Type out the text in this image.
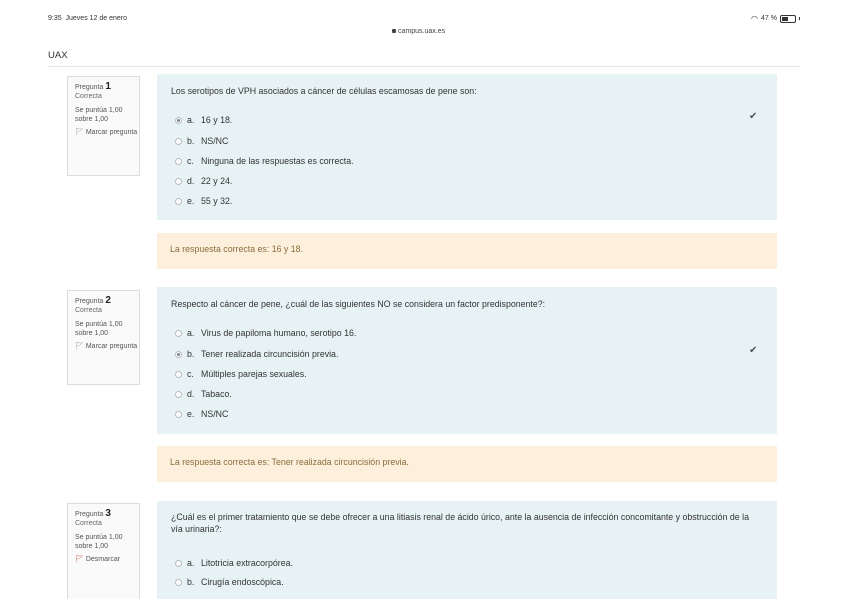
9:35 Jueves 12 de enero
campus.uax.es
◠ 47 %
UAX
Pregunta 1
Correcta
Se puntúa 1,00 sobre 1,00
🚩︎ Marcar pregunta
Los serotipos de VPH asociados a cáncer de células escamosas de pene son:
a. 16 y 18.
b. NS/NC
c. Ninguna de las respuestas es correcta.
d. 22 y 24.
e. 55 y 32.
✔
La respuesta correcta es: 16 y 18.
Pregunta 2
Correcta
Se puntúa 1,00 sobre 1,00
🚩︎ Marcar pregunta
Respecto al cáncer de pene, ¿cuál de las siguientes NO se considera un factor predisponente?:
a. Virus de papiloma humano, serotipo 16.
b. Tener realizada circuncisión previa.
c. Múltiples parejas sexuales.
d. Tabaco.
e. NS/NC
✔
La respuesta correcta es: Tener realizada circuncisión previa.
Pregunta 3
Correcta
Se puntúa 1,00 sobre 1,00
🚩︎ Desmarcar
¿Cuál es el primer tratamiento que se debe ofrecer a una litiasis renal de ácido úrico, ante la ausencia de infección concomitante y obstrucción de la vía urinaria?:
a. Litotricia extracorpórea.
b. Cirugía endoscópica.
